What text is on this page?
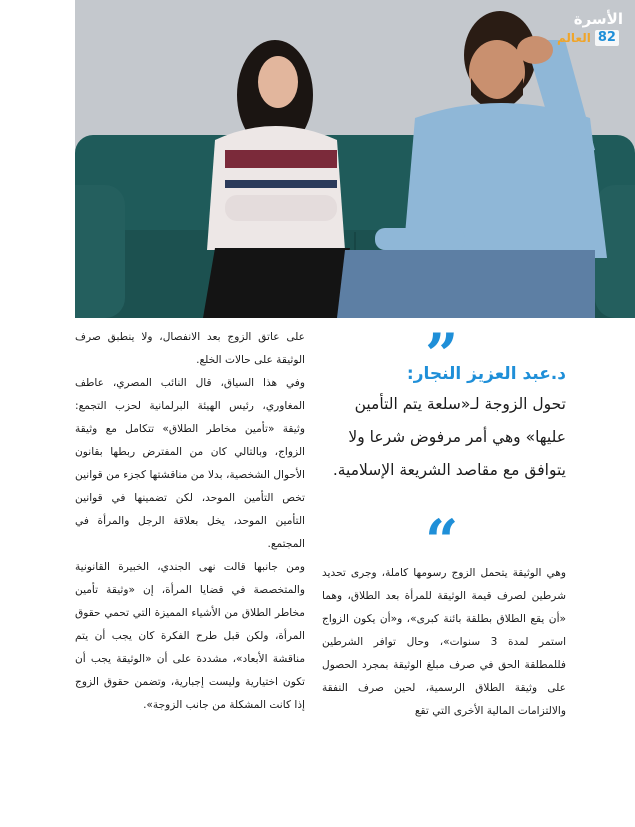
الأسرة
العالم 82

على عاتق الزوج بعد الانفصال، ولا ينطبق صرف الوثيقة على حالات الخلع.

وفي هذا السياق، قال النائب المصري، عاطف المغاوري، رئيس الهيئة البرلمانية لحزب التجمع: وثيقة «تأمين مخاطر الطلاق» تتكامل مع وثيقة الزواج، وبالتالي كان من المفترض ربطها بقانون الأحوال الشخصية، بدلا من مناقشتها كجزء من قوانين تخص التأمين الموحد، لكن تضمينها في قوانين التأمين الموحد، يخل بعلاقة الرجل والمرأة في المجتمع.

ومن جانبها قالت نهى الجندي، الخبيرة القانونية والمتخصصة في قضايا المرأة، إن «وثيقة تأمين مخاطر الطلاق من الأشياء المميزة التي تحمي حقوق المرأة، ولكن قبل طرح الفكرة كان يجب أن يتم مناقشة الأبعاد»، مشددة على أن «الوثيقة يجب أن تكون اختيارية وليست إجبارية، وتضمن حقوق الزوج إذا كانت المشكلة من جانب الزوجة».

”
د.عبد العزيز النجار:
تحول الزوجة لـ«سلعة يتم التأمين عليها» وهي أمر مرفوض شرعا ولا يتوافق مع مقاصد الشريعة الإسلامية.
“

وهي الوثيقة يتحمل الزوج رسومها كاملة، وجرى تحديد شرطين لصرف قيمة الوثيقة للمرأة بعد الطلاق، وهما «أن يقع الطلاق بطلقة بائنة كبرى»، و«أن يكون الزواج استمر لمدة 3 سنوات»، وحال توافر الشرطين فللمطلقة الحق في صرف مبلغ الوثيقة بمجرد الحصول على وثيقة الطلاق الرسمية، لحين صرف النفقة والالتزامات المالية الأخرى التي تقع
